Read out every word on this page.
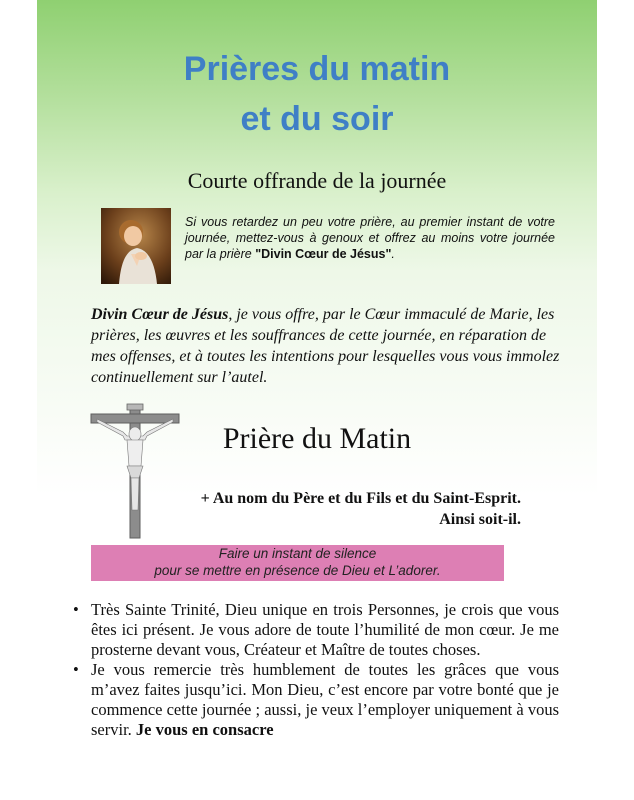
Prières du matin
et du soir
Courte offrande de la journée
Si vous retardez un peu votre prière, au premier instant de votre journée, mettez-vous à genoux et offrez au moins votre journée par la prière "Divin Cœur de Jésus".
Divin Cœur de Jésus, je vous offre, par le Cœur immaculé de Marie, les prières, les œuvres et les souffrances de cette journée, en réparation de mes offenses, et à toutes les intentions pour lesquelles vous vous immolez continuellement sur l’autel.
Prière du Matin
+ Au nom du Père et du Fils et du Saint-Esprit.
Ainsi soit-il.
Faire un instant de silence
pour se mettre en présence de Dieu et L’adorer.
• Très Sainte Trinité, Dieu unique en trois Personnes, je crois que vous êtes ici présent. Je vous adore de toute l’humilité de mon cœur. Je me prosterne devant vous, Créateur et Maître de toutes choses.
• Je vous remercie très humblement de toutes les grâces que vous m’avez faites jusqu’ici. Mon Dieu, c’est encore par votre bonté que je commence cette journée ; aussi, je veux l’employer uniquement à vous servir. Je vous en consacre
